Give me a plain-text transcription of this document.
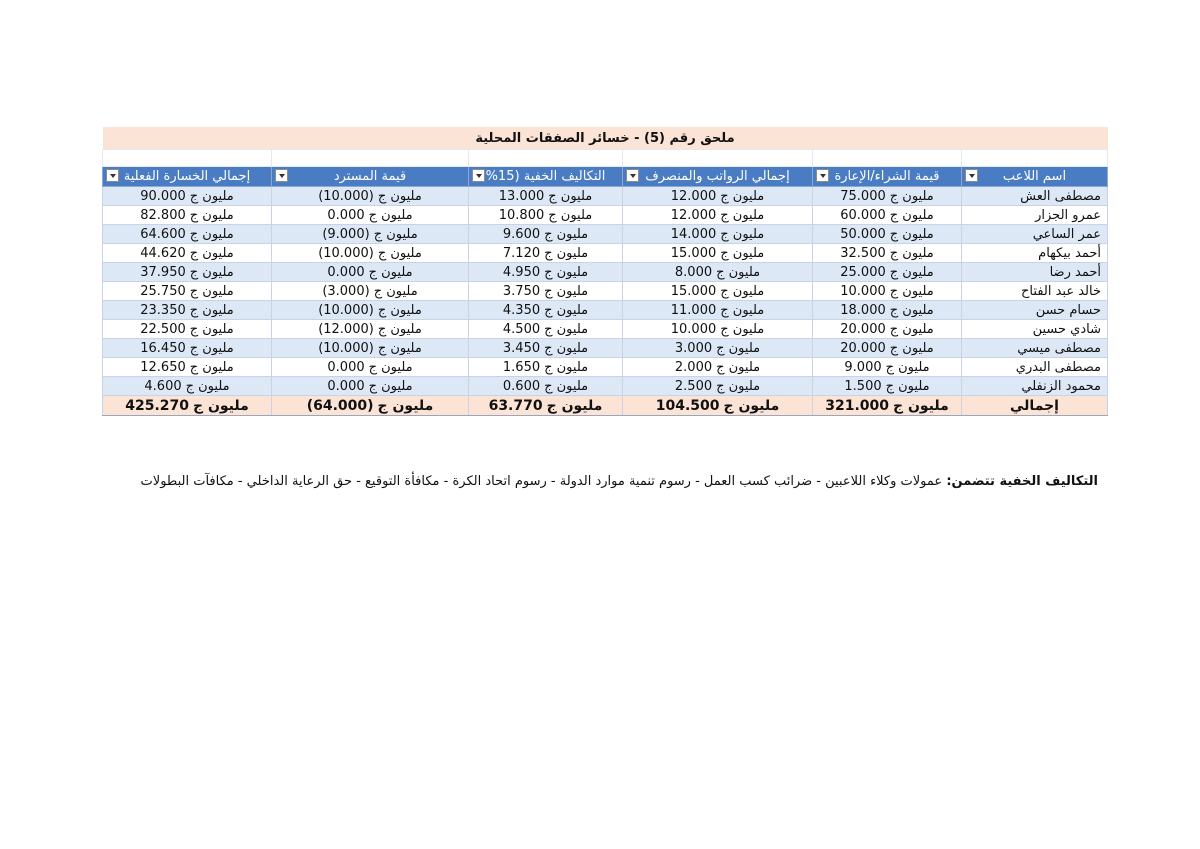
ملحق رقم (5) - خسائر الصفقات المحلية					

اسم اللاعب	قيمة الشراء/الإعارة	إجمالي الرواتب والمنصرف	التكاليف الخفية (15%	قيمة المسترد	إجمالي الخسارة الفعلية

مصطفى العش	مليون ج75.000	مليون ج12.000	مليون ج13.000	مليون ج(10.000)	مليون ج90.000
عمرو الجزار	مليون ج60.000	مليون ج12.000	مليون ج10.800	مليون ج0.000	مليون ج82.800
عمر الساعي	مليون ج50.000	مليون ج14.000	مليون ج9.600	مليون ج(9.000)	مليون ج64.600
أحمد بيكهام	مليون ج32.500	مليون ج15.000	مليون ج7.120	مليون ج(10.000)	مليون ج44.620
أحمد رضا	مليون ج25.000	مليون ج8.000	مليون ج4.950	مليون ج0.000	مليون ج37.950
خالد عبد الفتاح	مليون ج10.000	مليون ج15.000	مليون ج3.750	مليون ج(3.000)	مليون ج25.750
حسام حسن	مليون ج18.000	مليون ج11.000	مليون ج4.350	مليون ج(10.000)	مليون ج23.350
شادي حسين	مليون ج20.000	مليون ج10.000	مليون ج4.500	مليون ج(12.000)	مليون ج22.500
مصطفى ميسي	مليون ج20.000	مليون ج3.000	مليون ج3.450	مليون ج(10.000)	مليون ج16.450
مصطفى البدري	مليون ج9.000	مليون ج2.000	مليون ج1.650	مليون ج0.000	مليون ج12.650
محمود الزنفلي	مليون ج1.500	مليون ج2.500	مليون ج0.600	مليون ج0.000	مليون ج4.600
إجمالي	مليون ج321.000	مليون ج104.500	مليون ج63.770	مليون ج(64.000)	مليون ج425.270
التكاليف الخفية تتضمن: عمولات وكلاء اللاعبين - ضرائب كسب العمل - رسوم تنمية موارد الدولة - رسوم اتحاد الكرة - مكافأة التوقيع - حق الرعاية الداخلي - مكافآت البطولات
